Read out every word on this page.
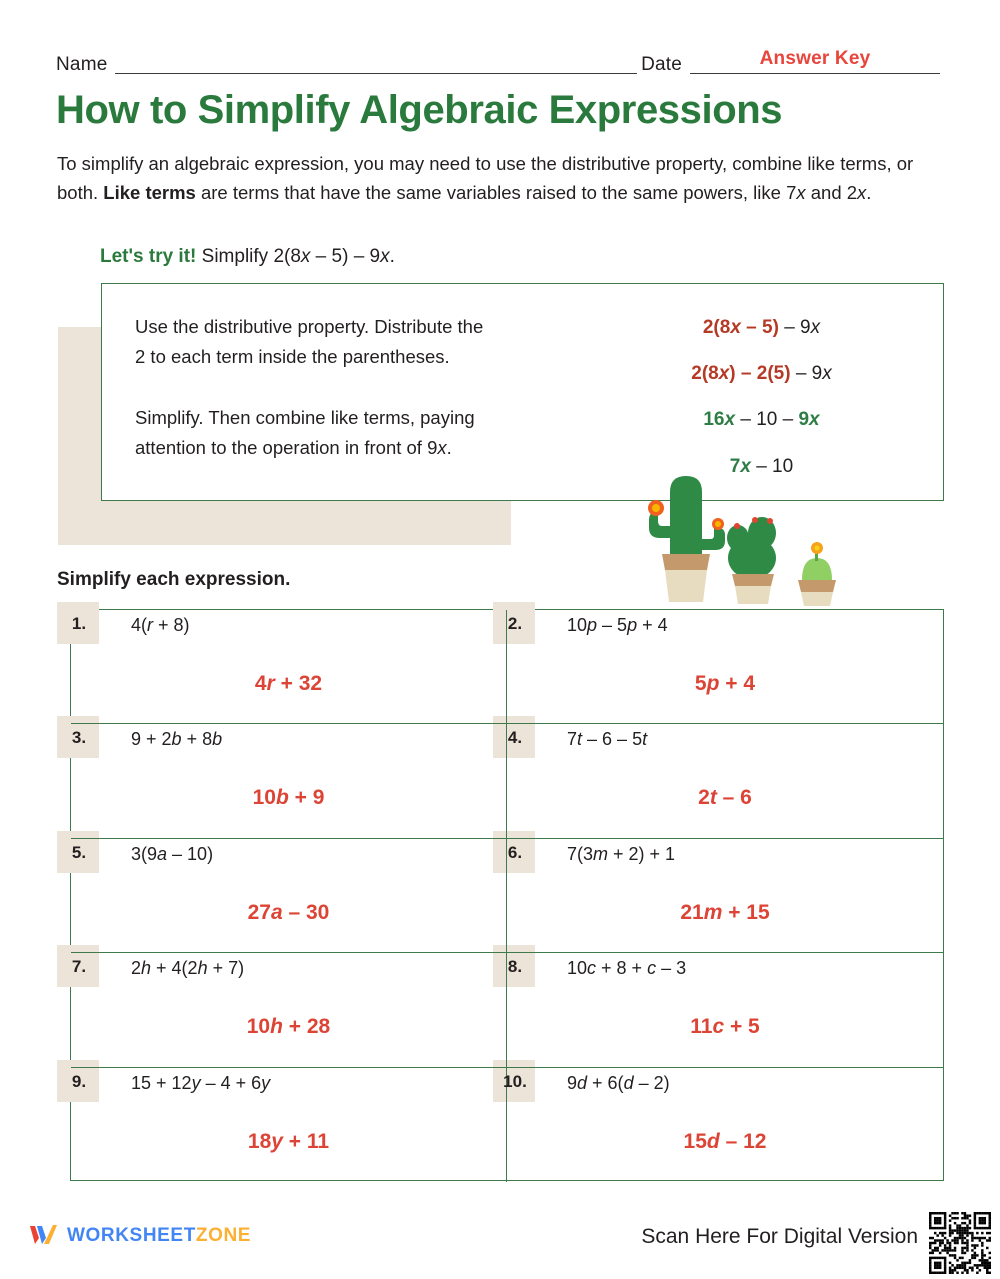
Name	Date	Answer Key
How to Simplify Algebraic Expressions
To simplify an algebraic expression, you may need to use the distributive property, combine like terms, or both. Like terms are terms that have the same variables raised to the same powers, like 7x and 2x.
Let's try it! Simplify 2(8x – 5) – 9x.
Use the distributive property. Distribute the
2 to each term inside the parentheses.
Simplify. Then combine like terms, paying
attention to the operation in front of 9x.
2(8x – 5) – 9x
2(8x) – 2(5) – 9x
16x – 10 – 9x
7x – 10
Simplify each expression.
1.	4(r + 8)
4r + 32
2.	10p – 5p + 4
5p + 4
3.	9 + 2b + 8b
10b + 9
4.	7t – 6 – 5t
2t – 6
5.	3(9a – 10)
27a – 30
6.	7(3m + 2) + 1
21m + 15
7.	2h + 4(2h + 7)
10h + 28
8.	10c + 8 + c – 3
11c + 5
9.	15 + 12y – 4 + 6y
18y + 11
10.	9d + 6(d – 2)
15d – 12
WORKSHEETZONE	Scan Here For Digital Version
